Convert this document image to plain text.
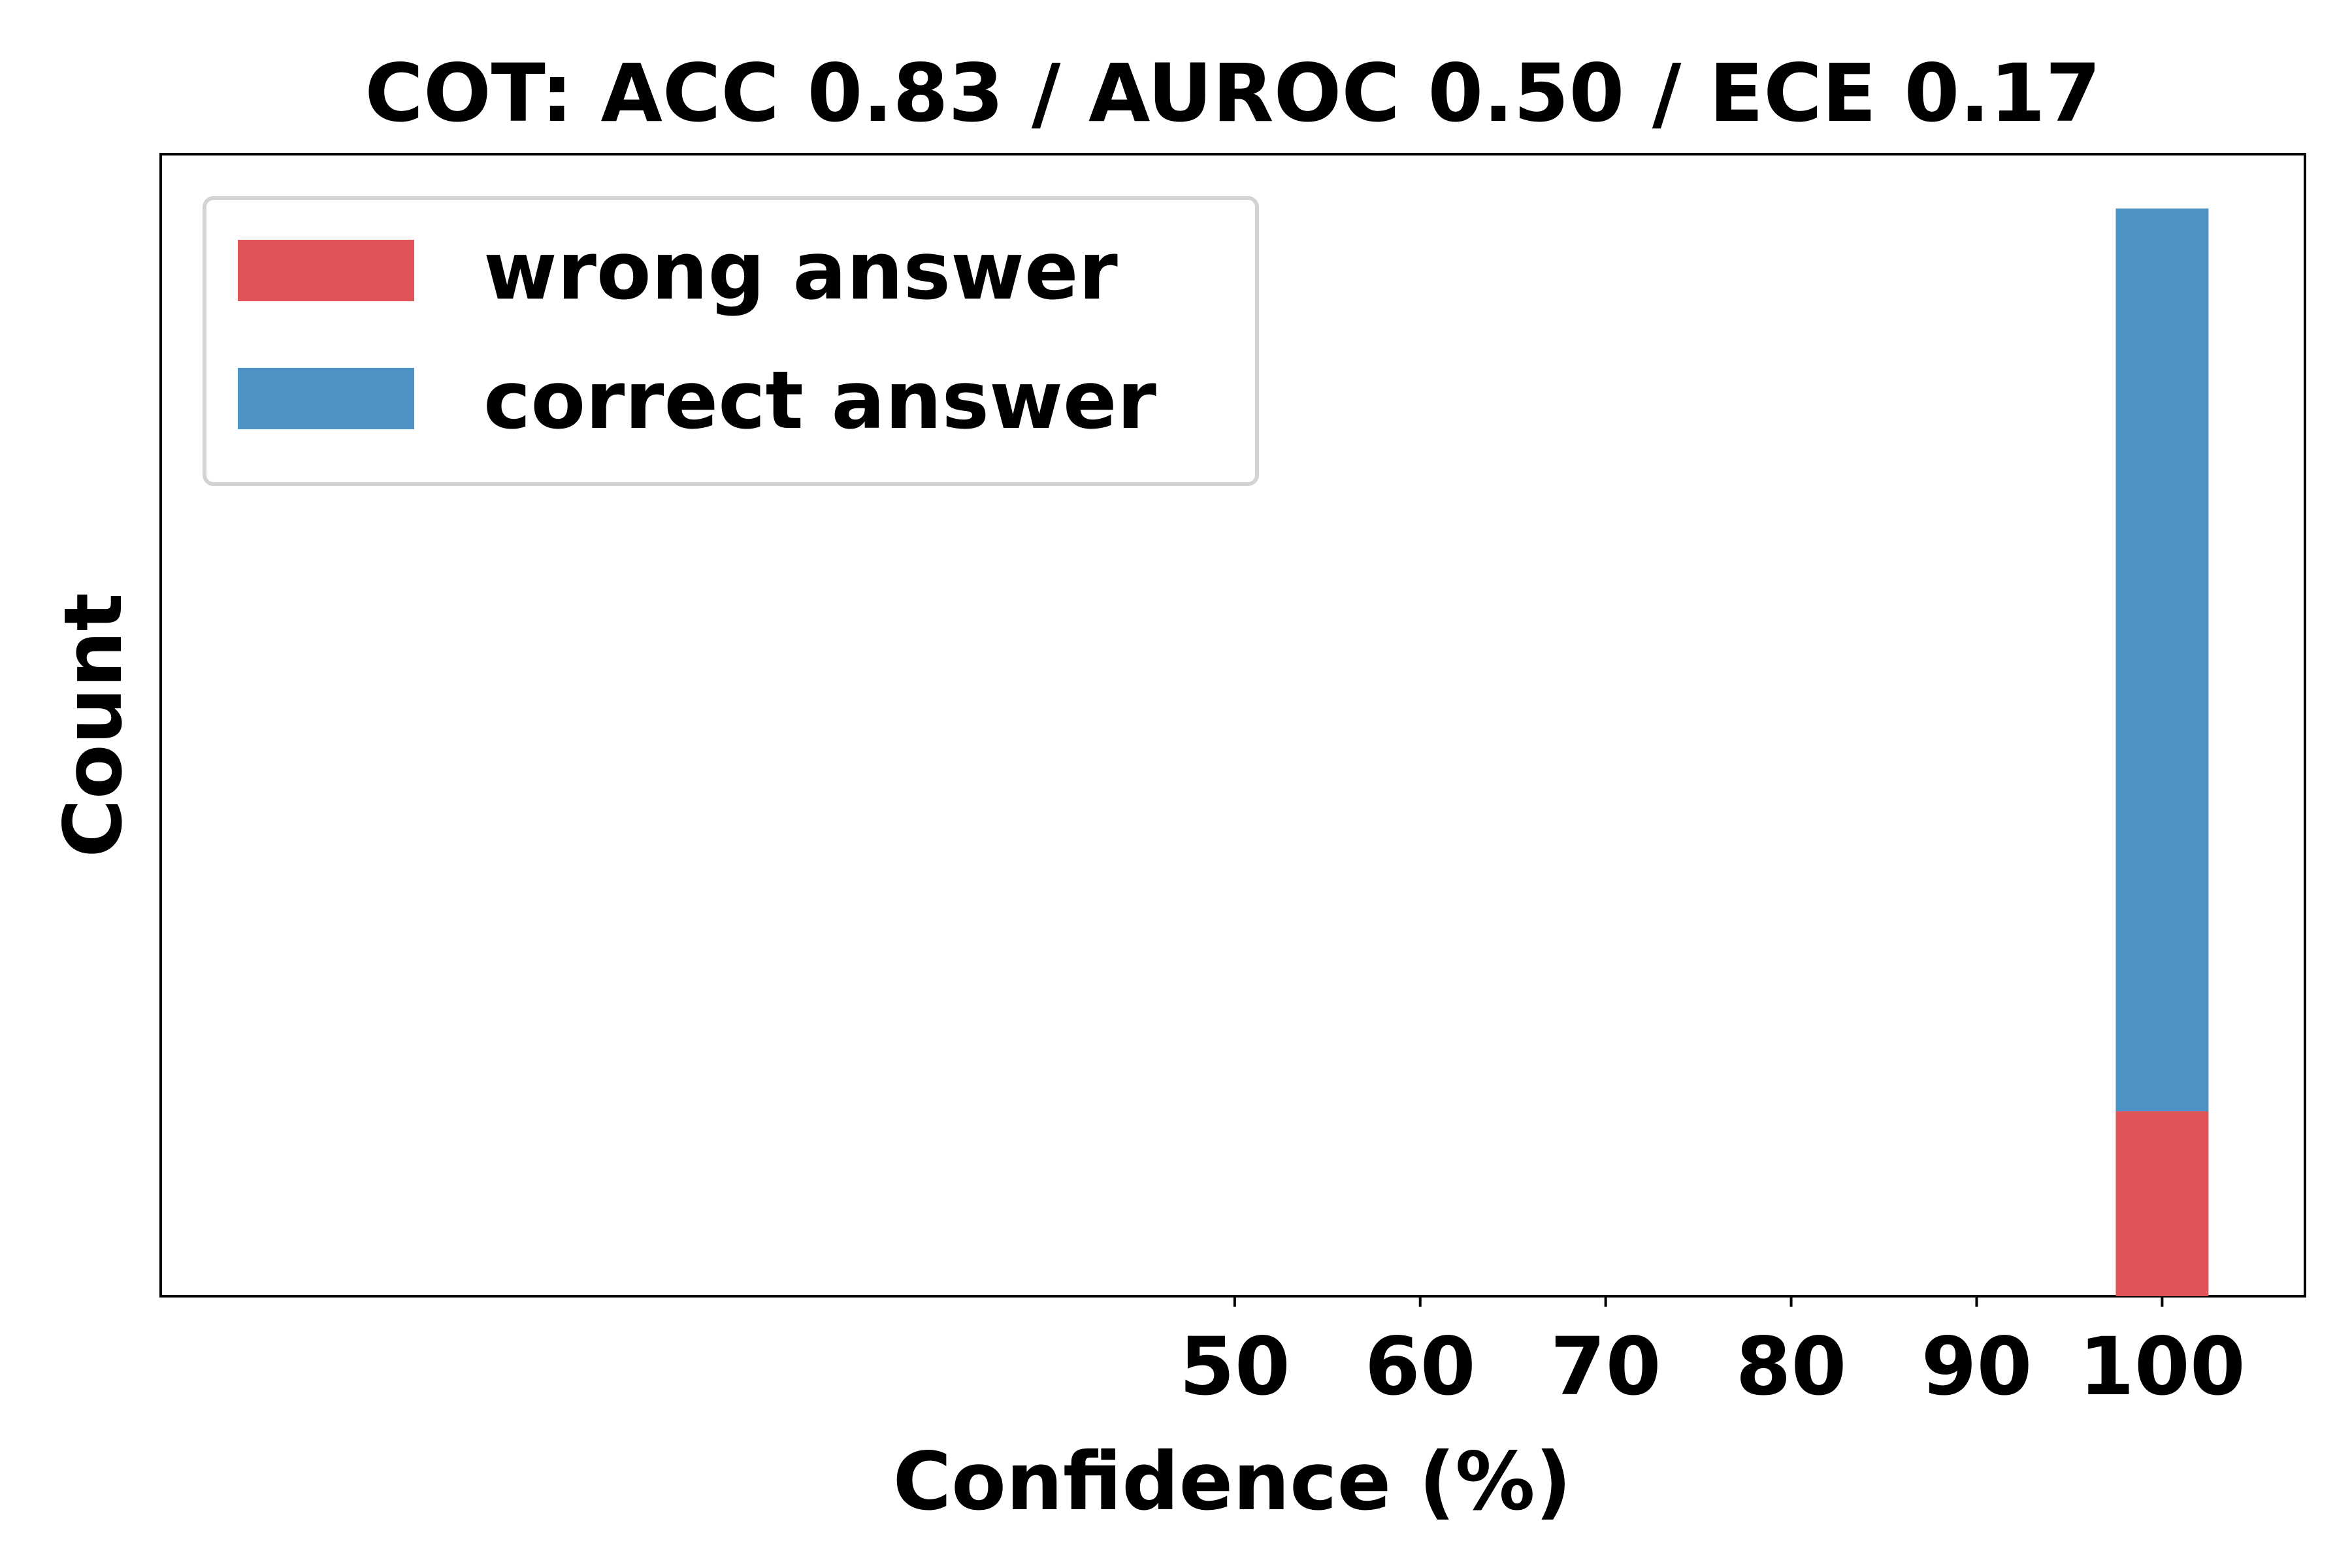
COT: ACC 0.83 / AUROC 0.50 / ECE 0.17
50 60 70 80 90 100
Confidence (%)
Count
wrong answer
correct answer
